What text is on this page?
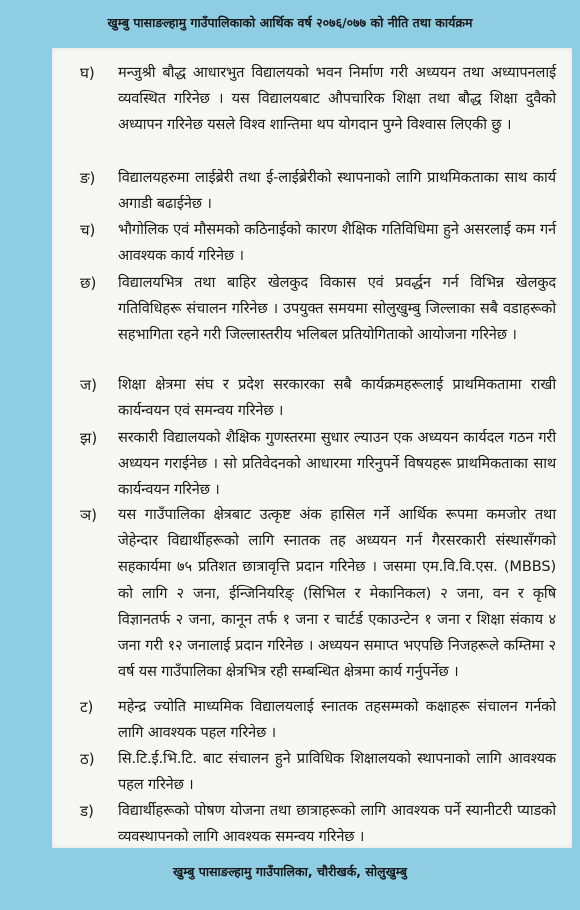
खुम्बु पासाङल्हामु गाउँपालिकाको आर्थिक वर्ष २०७६/०७७ को नीति तथा कार्यक्रम
घ)	मन्जुश्री बौद्ध आधारभुत विद्यालयको भवन निर्माण गरी अध्ययन तथा अध्यापनलाई व्यवस्थित गरिनेछ । यस विद्यालयबाट औपचारिक शिक्षा तथा बौद्ध शिक्षा दुवैको अध्यापन गरिनेछ यसले विश्व शान्तिमा थप योगदान पुग्ने विश्वास लिएकी छु ।
ङ)	विद्यालयहरुमा लाईब्रेरी तथा ई-लाईब्रेरीको स्थापनाको लागि प्राथमिकताका साथ कार्य अगाडी बढाईनेछ ।
च)	भौगोलिक एवं मौसमको कठिनाईको कारण शैक्षिक गतिविधिमा हुने असरलाई कम गर्न आवश्यक कार्य गरिनेछ ।
छ)	विद्यालयभित्र तथा बाहिर खेलकुद विकास एवं प्रवर्द्धन गर्न विभिन्न खेलकुद गतिविधिहरू संचालन गरिनेछ । उपयुक्त समयमा सोलुखुम्बु जिल्लाका सबै वडाहरूको सहभागिता रहने गरी जिल्लास्तरीय भलिबल प्रतियोगिताको आयोजना गरिनेछ ।
ज)	शिक्षा क्षेत्रमा संघ र प्रदेश सरकारका सबै कार्यक्रमहरूलाई प्राथमिकतामा राखी कार्यन्वयन एवं समन्वय गरिनेछ ।
झ)	सरकारी विद्यालयको शैक्षिक गुणस्तरमा सुधार ल्याउन एक अध्ययन कार्यदल गठन गरी अध्ययन गराईनेछ । सो प्रतिवेदनको आधारमा गरिनुपर्ने विषयहरू प्राथमिकताका साथ कार्यन्वयन गरिनेछ ।
ञ)	यस गाउँपालिका क्षेत्रबाट उत्कृष्ट अंक हासिल गर्ने आर्थिक रूपमा कमजोर तथा जेहेन्दार विद्यार्थीहरूको लागि स्नातक तह अध्ययन गर्न गैरसरकारी संस्थासँगको सहकार्यमा ७५ प्रतिशत छात्रावृत्ति प्रदान गरिनेछ । जसमा एम.वि.वि.एस. (MBBS) को लागि २ जना, ईन्जिनियरिङ् (सिभिल र मेकानिकल) २ जना, वन र कृषि विज्ञानतर्फ २ जना, कानून तर्फ १ जना र चार्टर्ड एकाउन्टेन १ जना र शिक्षा संकाय ४ जना गरी १२ जनालाई प्रदान गरिनेछ । अध्ययन समाप्त भएपछि निजहरूले कम्तिमा २ वर्ष यस गाउँपालिका क्षेत्रभित्र रही सम्बन्धित क्षेत्रमा कार्य गर्नुपर्नेछ ।
ट)	महेन्द्र ज्योति माध्यमिक विद्यालयलाई स्नातक तहसम्मको कक्षाहरू संचालन गर्नको लागि आवश्यक पहल गरिनेछ ।
ठ)	सि.टि.ई.भि.टि. बाट संचालन हुने प्राविधिक शिक्षालयको स्थापनाको लागि आवश्यक पहल गरिनेछ ।
ड)	विद्यार्थीहरूको पोषण योजना तथा छात्राहरूको लागि आवश्यक पर्ने स्यानीटरी प्याडको व्यवस्थापनको लागि आवश्यक समन्वय गरिनेछ ।
खुम्बु पासाङल्हामु गाउँपालिका, चौरीखर्क, सोलुखुम्बु
